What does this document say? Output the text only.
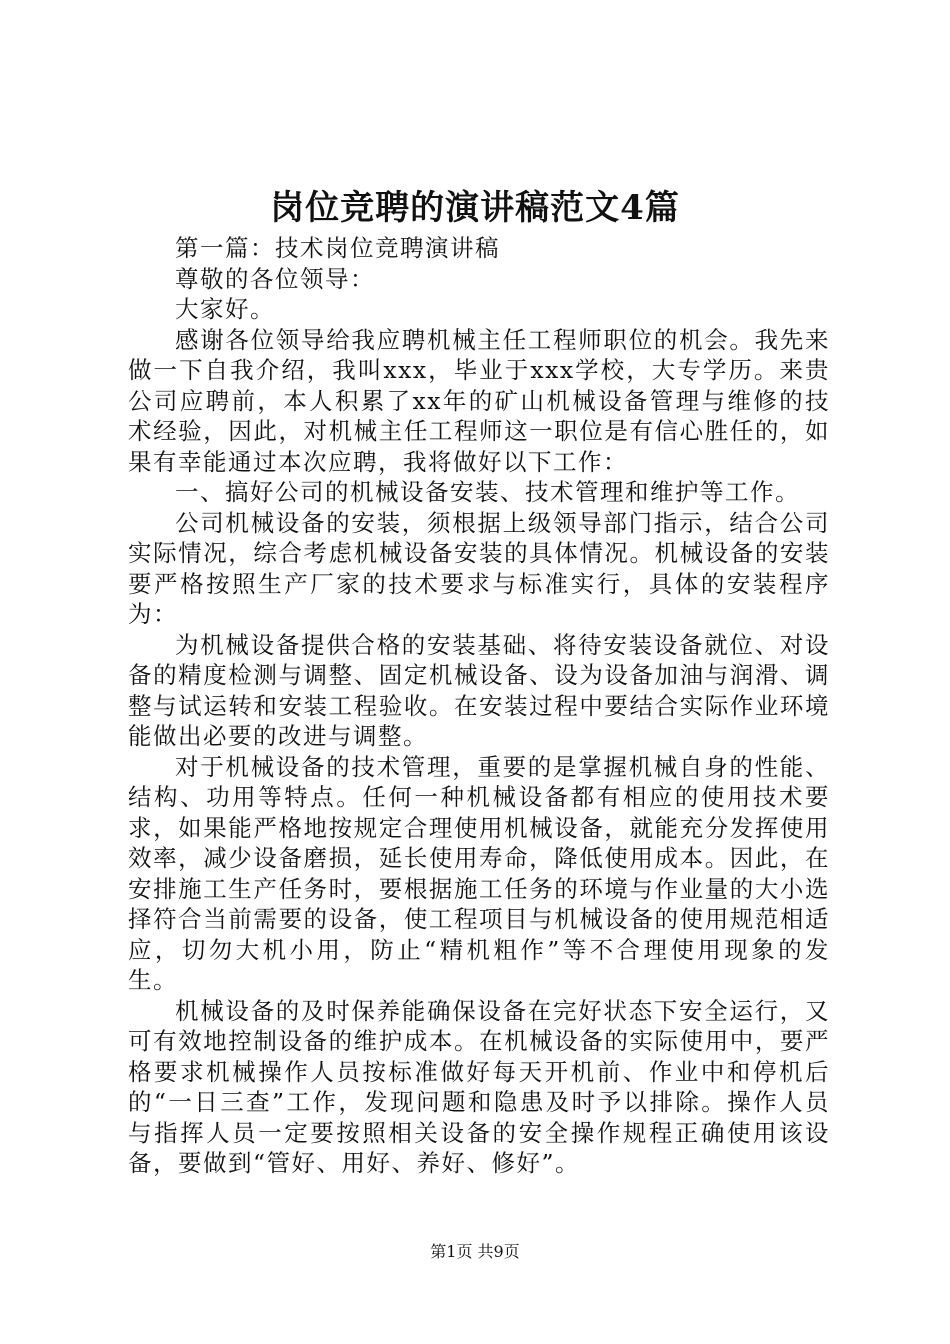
岗位竞聘的演讲稿范文4篇

第一篇：技术岗位竞聘演讲稿

尊敬的各位领导：

大家好。

感谢各位领导给我应聘机械主任工程师职位的机会。我先来做一下自我介绍，我叫xxx，毕业于xxx学校，大专学历。来贵公司应聘前，本人积累了xx年的矿山机械设备管理与维修的技术经验，因此，对机械主任工程师这一职位是有信心胜任的，如果有幸能通过本次应聘，我将做好以下工作：

一、搞好公司的机械设备安装、技术管理和维护等工作。

公司机械设备的安装，须根据上级领导部门指示，结合公司实际情况，综合考虑机械设备安装的具体情况。机械设备的安装要严格按照生产厂家的技术要求与标准实行，具体的安装程序为：

为机械设备提供合格的安装基础、将待安装设备就位、对设备的精度检测与调整、固定机械设备、设为设备加油与润滑、调整与试运转和安装工程验收。在安装过程中要结合实际作业环境能做出必要的改进与调整。

对于机械设备的技术管理，重要的是掌握机械自身的性能、结构、功用等特点。任何一种机械设备都有相应的使用技术要求，如果能严格地按规定合理使用机械设备，就能充分发挥使用效率，减少设备磨损，延长使用寿命，降低使用成本。因此，在安排施工生产任务时，要根据施工任务的环境与作业量的大小选择符合当前需要的设备，使工程项目与机械设备的使用规范相适应，切勿大机小用，防止“精机粗作”等不合理使用现象的发生。

机械设备的及时保养能确保设备在完好状态下安全运行，又可有效地控制设备的维护成本。在机械设备的实际使用中，要严格要求机械操作人员按标准做好每天开机前、作业中和停机后的“一日三查”工作，发现问题和隐患及时予以排除。操作人员与指挥人员一定要按照相关设备的安全操作规程正确使用该设备，要做到“管好、用好、养好、修好”。

第1页 共9页
